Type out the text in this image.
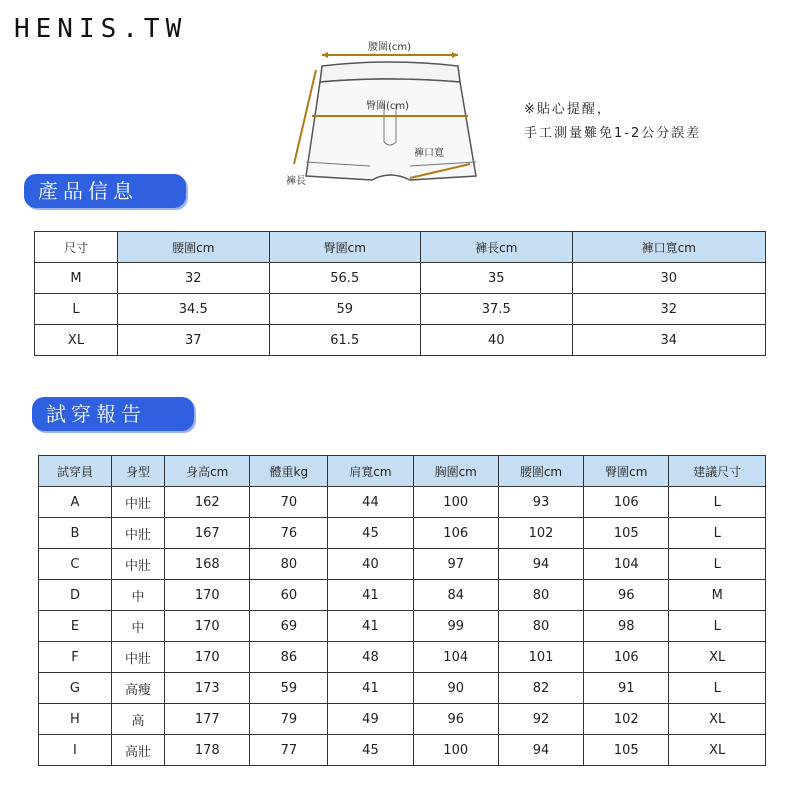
HENIS.TW
腰圍(cm)
臀圍(cm)
褲長
褲口寬
※貼心提醒，
手工測量難免1-2公分誤差
產品信息
尺寸	腰圍cm	臀圍cm	褲長cm	褲口寬cm
M	32	56.5	35	30
L	34.5	59	37.5	32
XL	37	61.5	40	34
試穿報告
試穿員	身型	身高cm	體重kg	肩寬cm	胸圍cm	腰圍cm	臀圍cm	建議尺寸
A	中壯	162	70	44	100	93	106	L
B	中壯	167	76	45	106	102	105	L
C	中壯	168	80	40	97	94	104	L
D	中	170	60	41	84	80	96	M
E	中	170	69	41	99	80	98	L
F	中壯	170	86	48	104	101	106	XL
G	高瘦	173	59	41	90	82	91	L
H	高	177	79	49	96	92	102	XL
I	高壯	178	77	45	100	94	105	XL
